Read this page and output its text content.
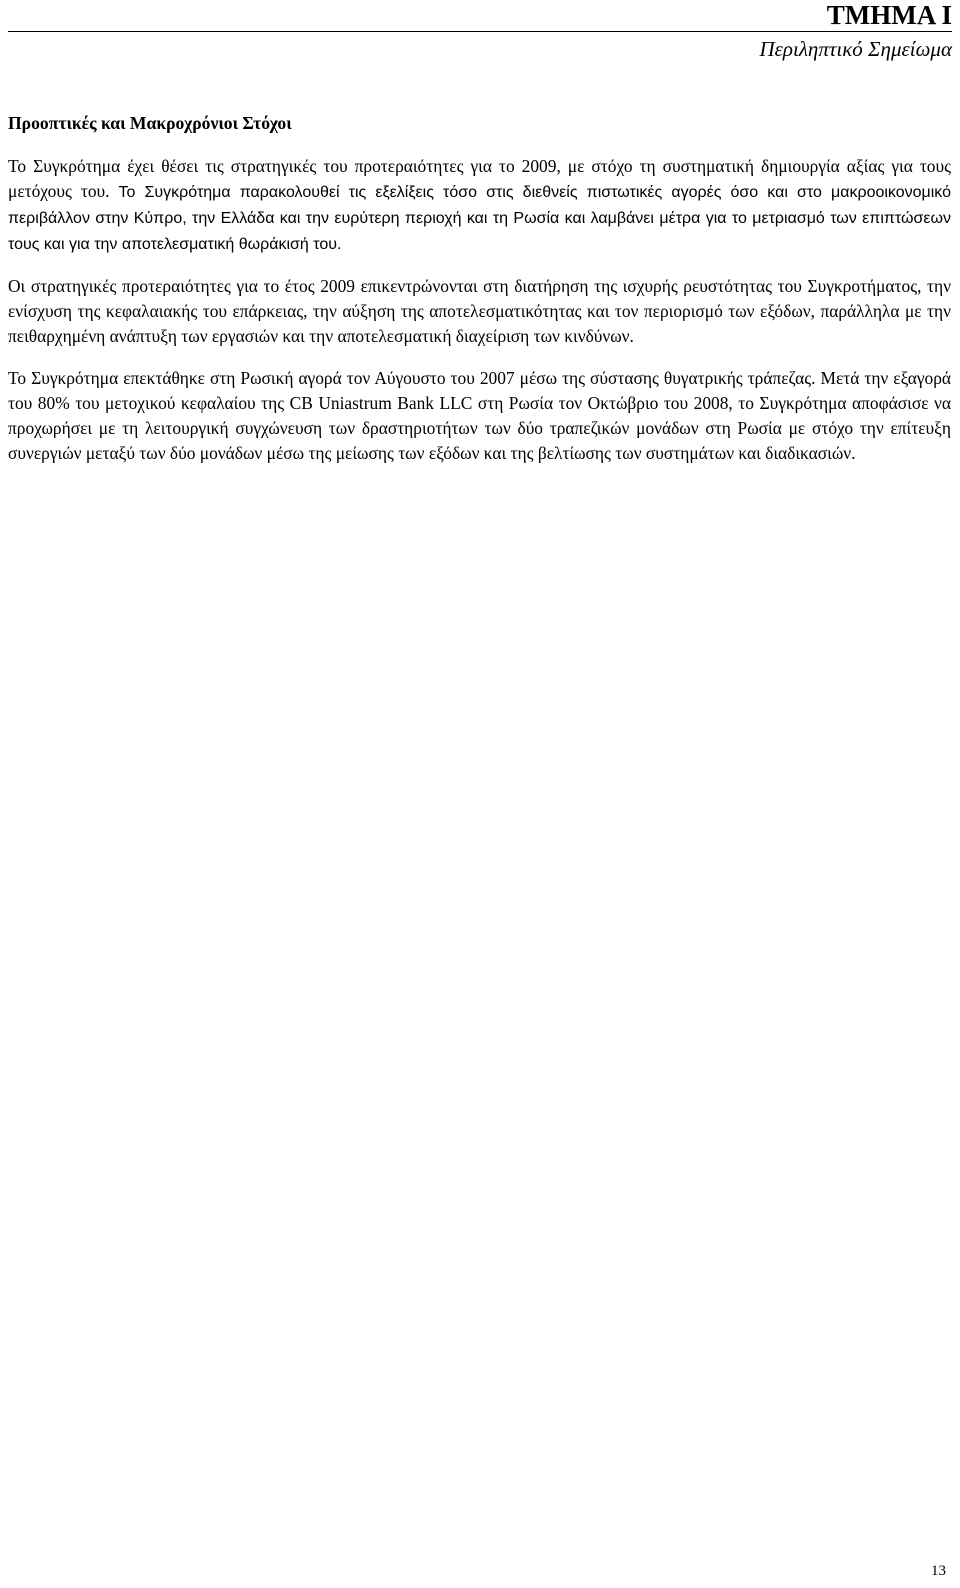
ΤΜΗΜΑ Ι
Περιληπτικό Σημείωμα
Προοπτικές και Μακροχρόνιοι Στόχοι

Το Συγκρότημα έχει θέσει τις στρατηγικές του προτεραιότητες για το 2009, με στόχο τη συστηματική δημιουργία αξίας για τους μετόχους του. Το Συγκρότημα παρακολουθεί τις εξελίξεις τόσο στις διεθνείς πιστωτικές αγορές όσο και στο μακροοικονομικό περιβάλλον στην Κύπρο, την Ελλάδα και την ευρύτερη περιοχή και τη Ρωσία και λαμβάνει μέτρα για το μετριασμό των επιπτώσεων τους και για την αποτελεσματική θωράκισή του.

Οι στρατηγικές προτεραιότητες για το έτος 2009 επικεντρώνονται στη διατήρηση της ισχυρής ρευστότητας του Συγκροτήματος, την ενίσχυση της κεφαλαιακής του επάρκειας, την αύξηση της αποτελεσματικότητας και τον περιορισμό των εξόδων, παράλληλα με την πειθαρχημένη ανάπτυξη των εργασιών και την αποτελεσματική διαχείριση των κινδύνων.

Το Συγκρότημα επεκτάθηκε στη Ρωσική αγορά τον Αύγουστο του 2007 μέσω της σύστασης θυγατρικής τράπεζας. Μετά την εξαγορά του 80% του μετοχικού κεφαλαίου της CB Uniastrum Bank LLC στη Ρωσία τον Οκτώβριο του 2008, το Συγκρότημα αποφάσισε να προχωρήσει με τη λειτουργική συγχώνευση των δραστηριοτήτων των δύο τραπεζικών μονάδων στη Ρωσία με στόχο την επίτευξη συνεργιών μεταξύ των δύο μονάδων μέσω της μείωσης των εξόδων και της βελτίωσης των συστημάτων και διαδικασιών.

13
